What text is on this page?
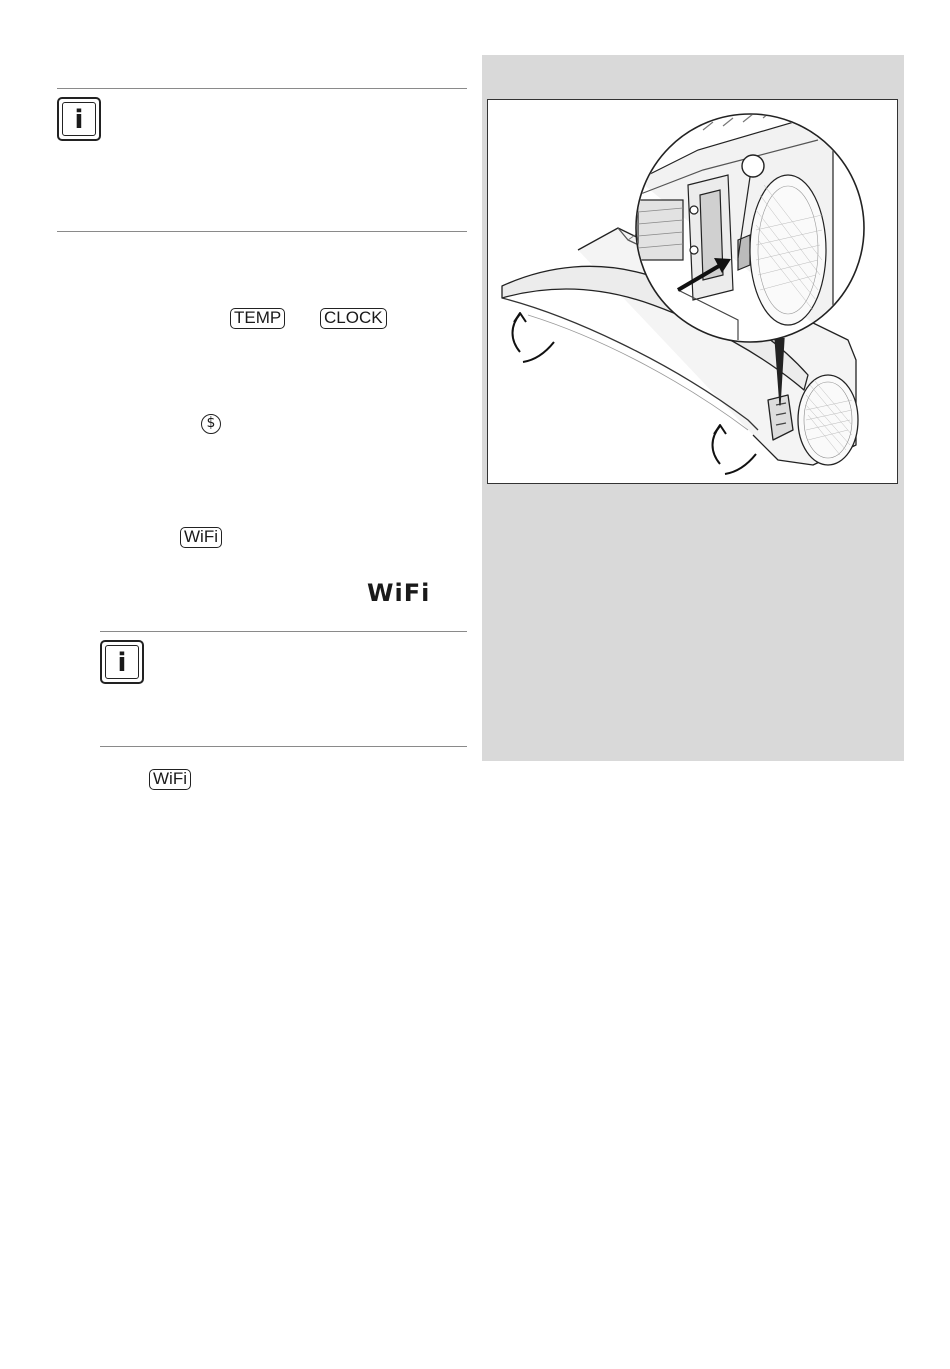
i
TEMP	CLOCK
$
WiFi
WiFi
i
WiFi
